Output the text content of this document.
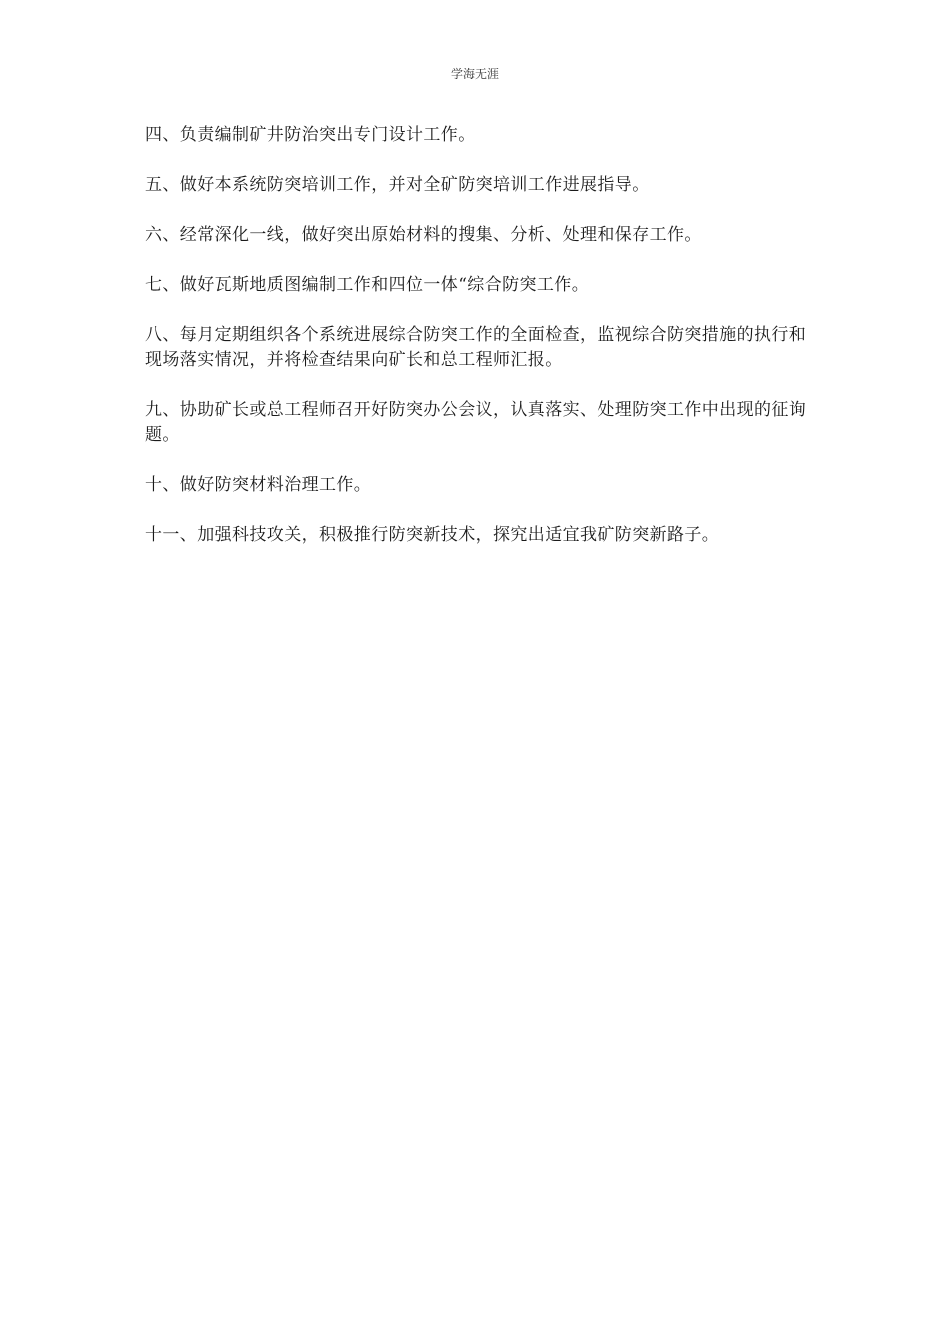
学海无涯

四、负责编制矿井防治突出专门设计工作。

五、做好本系统防突培训工作，并对全矿防突培训工作进展指导。

六、经常深化一线，做好突出原始材料的搜集、分析、处理和保存工作。

七、做好瓦斯地质图编制工作和四位一体“综合防突工作。

八、每月定期组织各个系统进展综合防突工作的全面检查，监视综合防突措施的执行和现场落实情况，并将检查结果向矿长和总工程师汇报。

九、协助矿长或总工程师召开好防突办公会议，认真落实、处理防突工作中出现的征询题。

十、做好防突材料治理工作。

十一、加强科技攻关，积极推行防突新技术，探究出适宜我矿防突新路子。
